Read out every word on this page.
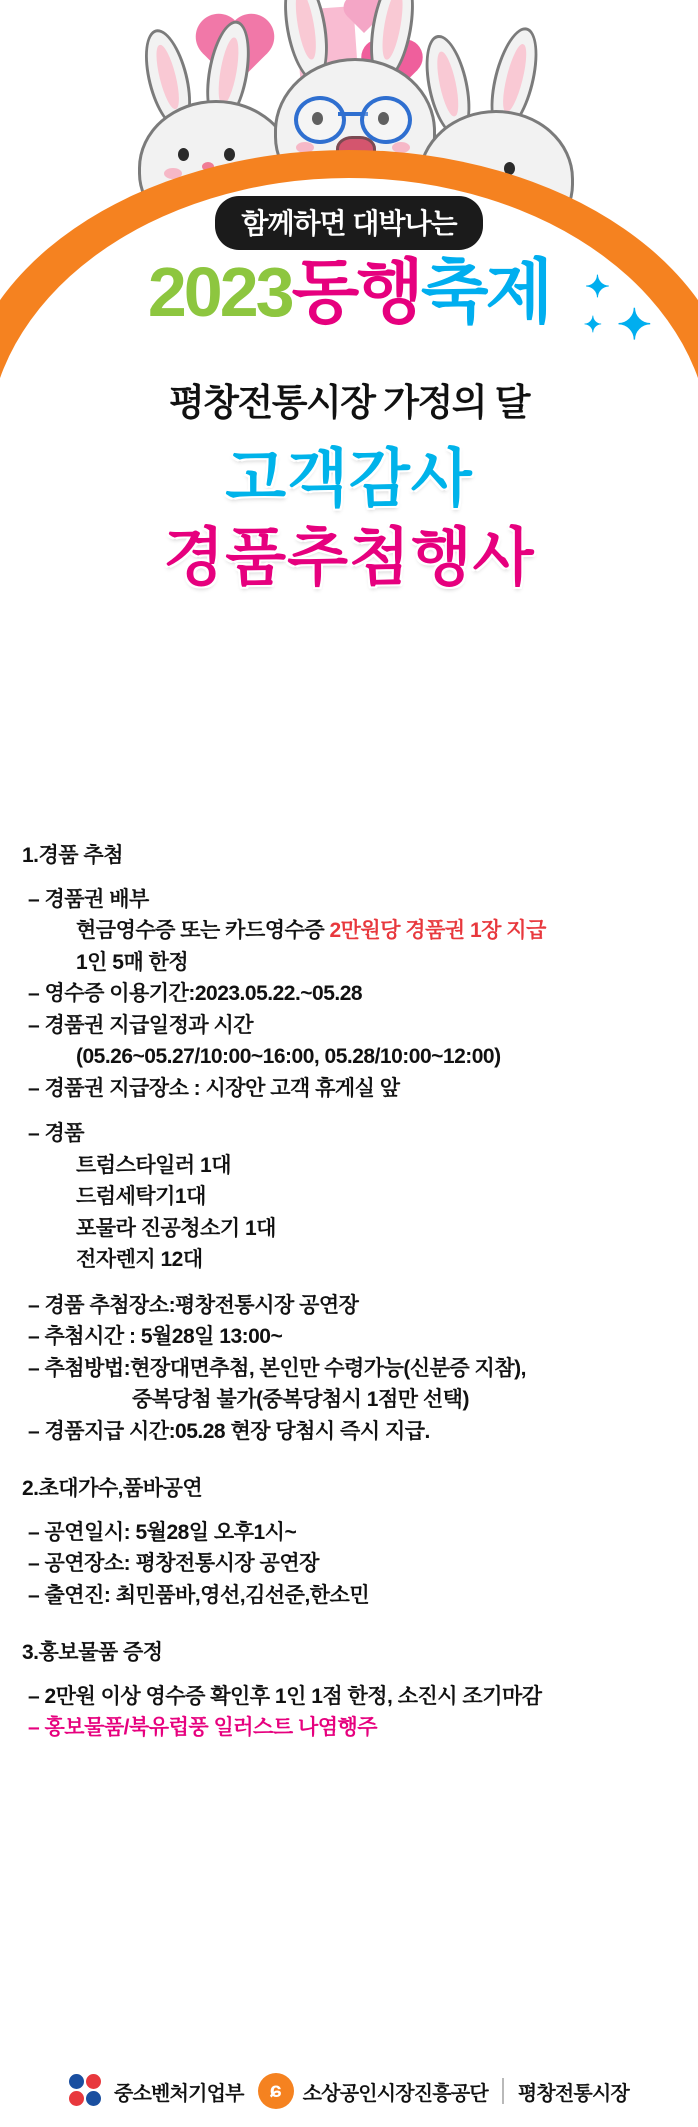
함께하면 대박나는
2023동행축제	✦
✦
✦
평창전통시장 가정의 달
고객감사
경품추첨행사
1.경품 추첨
– 경품권 배부
현금영수증 또는 카드영수증 2만원당 경품권 1장 지급
1인 5매 한정
– 영수증 이용기간:2023.05.22.~05.28
– 경품권 지급일정과 시간
(05.26~05.27/10:00~16:00, 05.28/10:00~12:00)
– 경품권 지급장소 : 시장안 고객 휴게실 앞
– 경품
트럼스타일러 1대
드럼세탁기1대
포물라 진공청소기 1대
전자렌지 12대
– 경품 추첨장소:평창전통시장 공연장
– 추첨시간 : 5월28일 13:00~
– 추첨방법:현장대면추첨, 본인만 수령가능(신분증 지참),
중복당첨 불가(중복당첨시 1점만 선택)
– 경품지급 시간:05.28 현장 당첨시 즉시 지급.
2.초대가수,품바공연
– 공연일시: 5월28일 오후1시~
– 공연장소: 평창전통시장 공연장
– 출연진: 최민품바,영선,김선준,한소민
3.홍보물품 증정
– 2만원 이상 영수증 확인후 1인 1점 한정, 소진시 조기마감
– 홍보물품/북유럽풍 일러스트 나염행주
중소벤처기업부	ɕ	소상공인시장진흥공단 평창전통시장
